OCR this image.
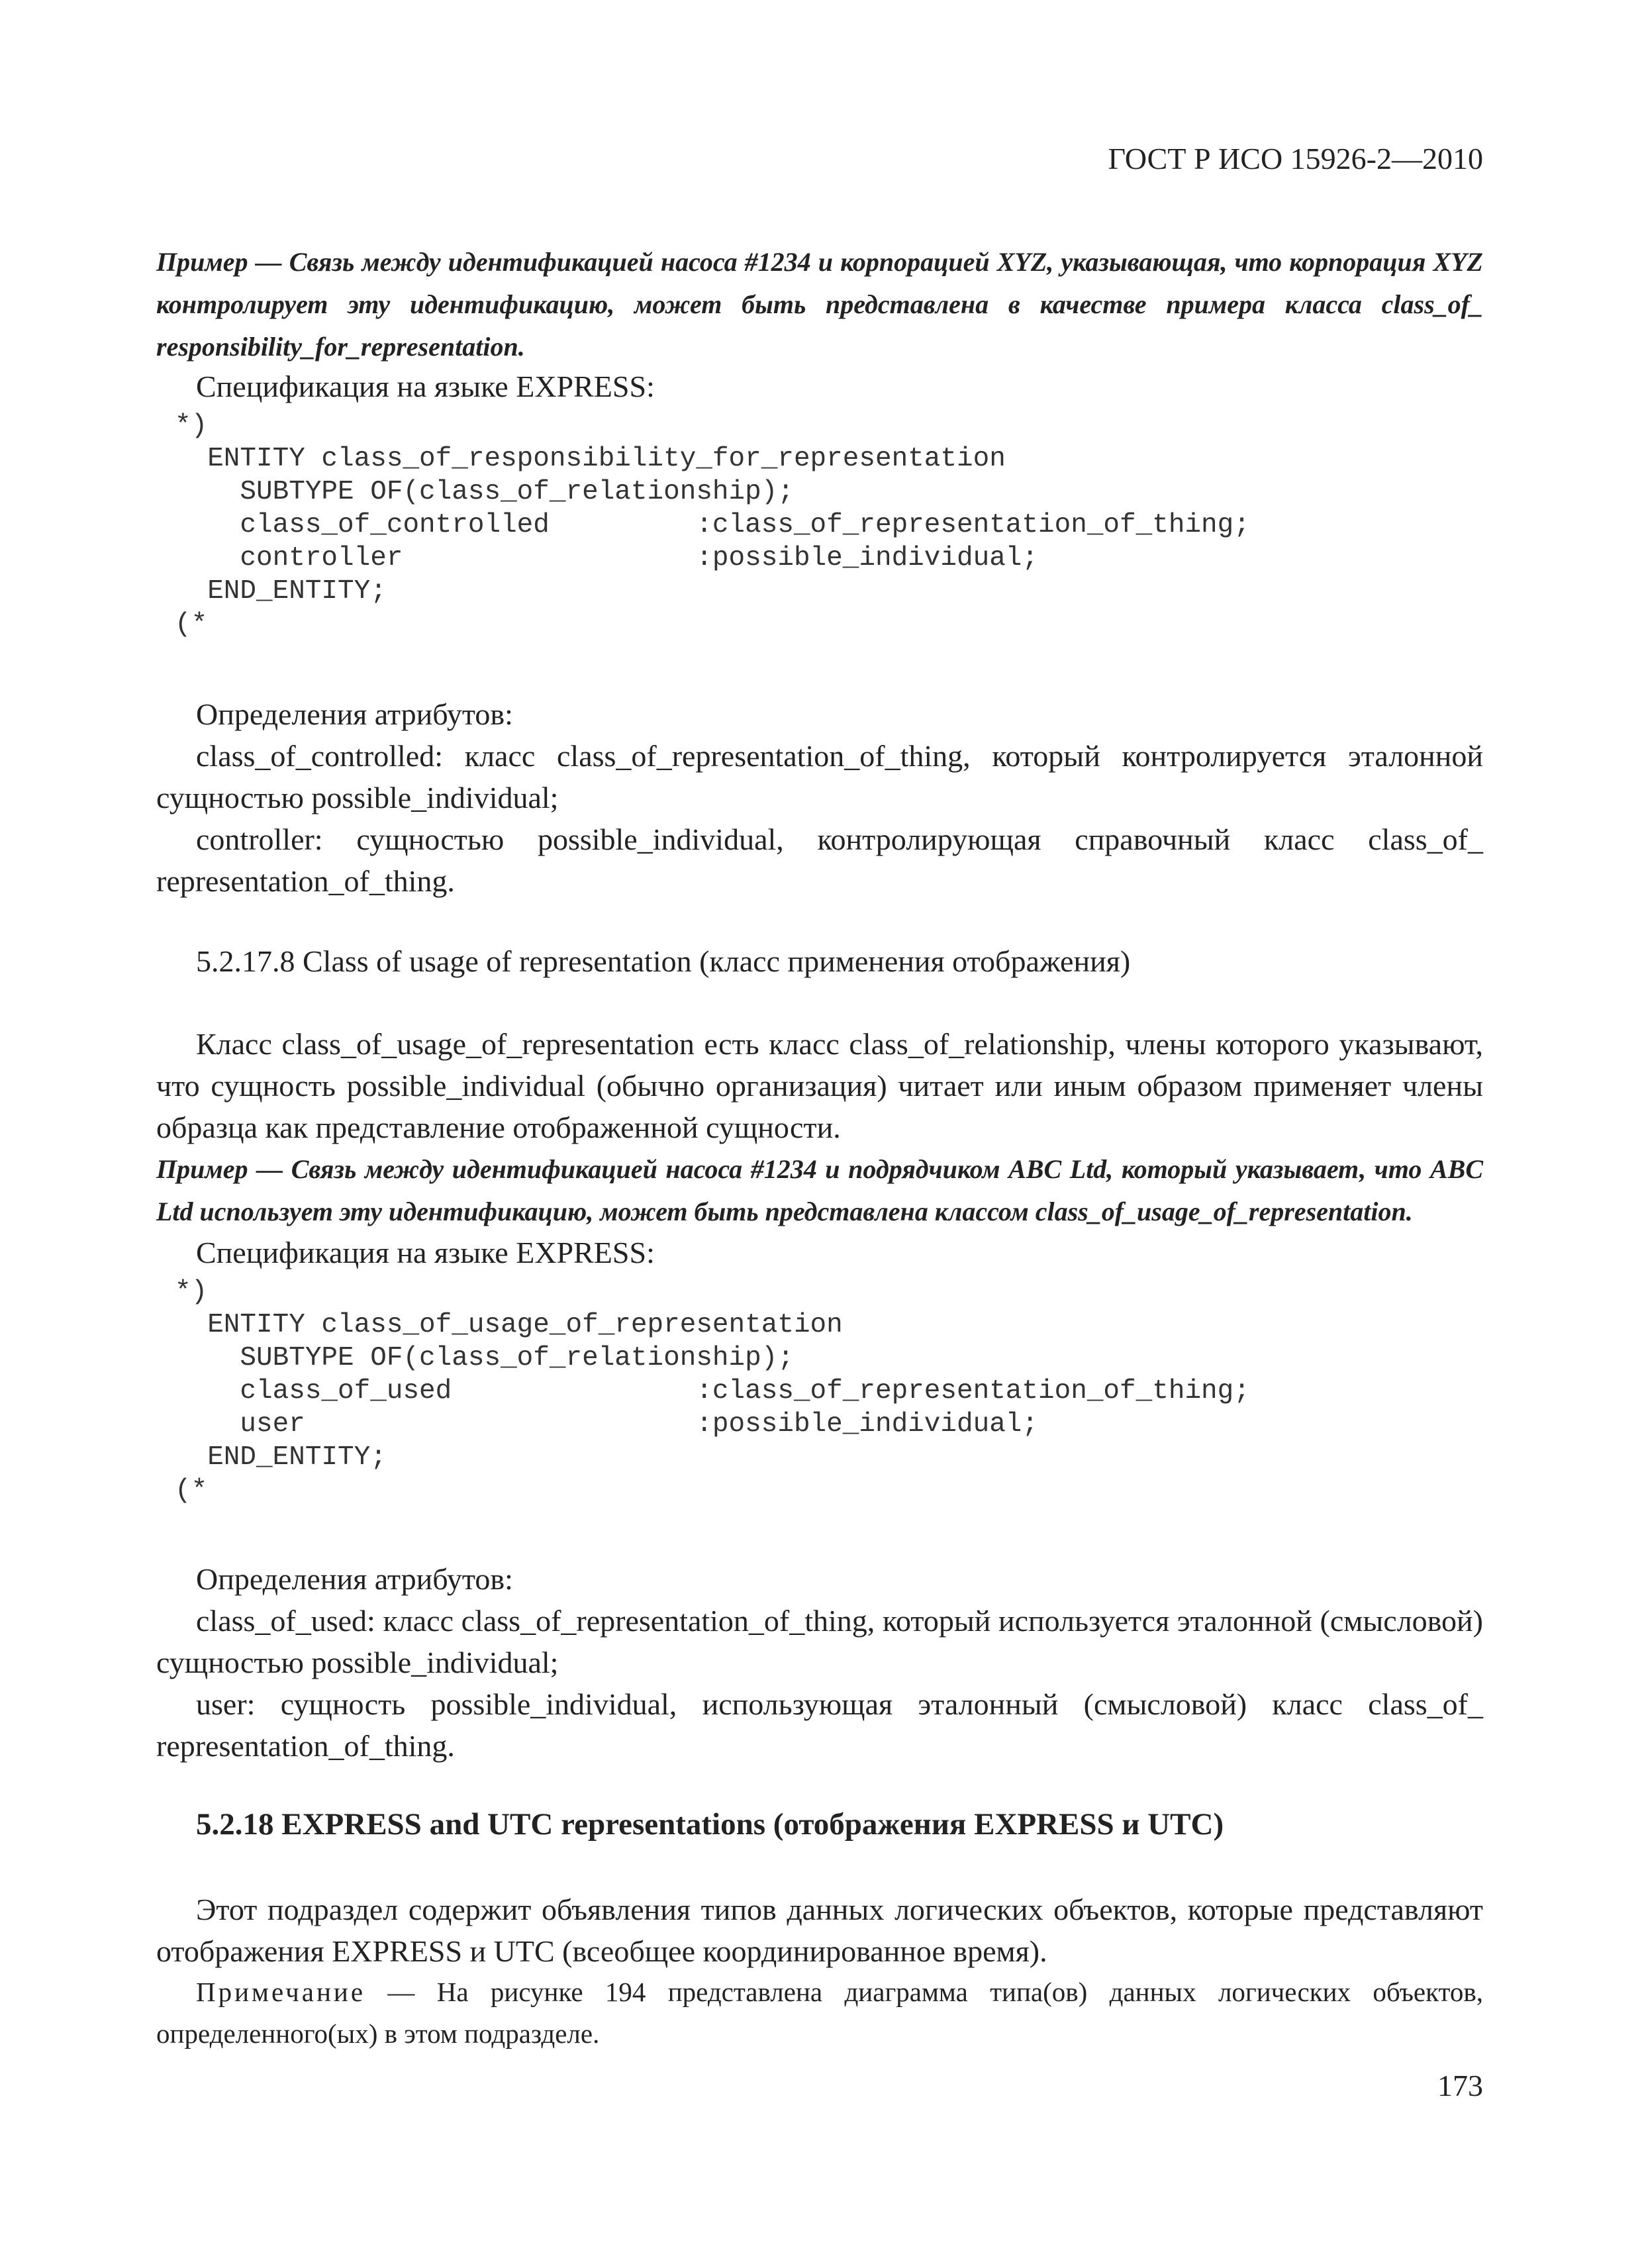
ГОСТ Р ИСО 15926-2—2010

Пример — Связь между идентификацией насоса #1234 и корпорацией XYZ, указывающая, что корпорация XYZ контролирует эту идентификацию, может быть представлена в качестве примера класса class_of_ responsibility_for_representation.

Спецификация на языке EXPRESS:
*)
ENTITY class_of_responsibility_for_representation
SUBTYPE OF(class_of_relationship);
class_of_controlled         :class_of_representation_of_thing;
controller                  :possible_individual;
END_ENTITY;
(*
Определения атрибутов:

class_of_controlled: класс class_of_representation_of_thing, который контролируется эталонной сущностью possible_individual;

controller: сущностью possible_individual, контролирующая справочный класс class_of_ representation_of_thing.

5.2.17.8 Class of usage of representation (класс применения отображения)

Класс class_of_usage_of_representation есть класс class_of_relationship, члены которого указывают, что сущность possible_individual (обычно организация) читает или иным образом применяет члены образца как представление отображенной сущности.

Пример — Связь между идентификацией насоса #1234 и подрядчиком ABC Ltd, который указывает, что ABC Ltd использует эту идентификацию, может быть представлена классом class_of_usage_of_representation.

Спецификация на языке EXPRESS:
*)
ENTITY class_of_usage_of_representation
SUBTYPE OF(class_of_relationship);
class_of_used               :class_of_representation_of_thing;
user                        :possible_individual;
END_ENTITY;
(*
Определения атрибутов:

class_of_used: класс class_of_representation_of_thing, который используется эталонной (смысловой) сущностью possible_individual;

user: сущность possible_individual, использующая эталонный (смысловой) класс class_of_ representation_of_thing.

5.2.18 EXPRESS and UTC representations (отображения EXPRESS и UTC)

Этот подраздел содержит объявления типов данных логических объектов, которые представляют отображения EXPRESS и UTC (всеобщее координированное время).

Примечание — На рисунке 194 представлена диаграмма типа(ов) данных логических объектов, определенного(ых) в этом подразделе.

173
